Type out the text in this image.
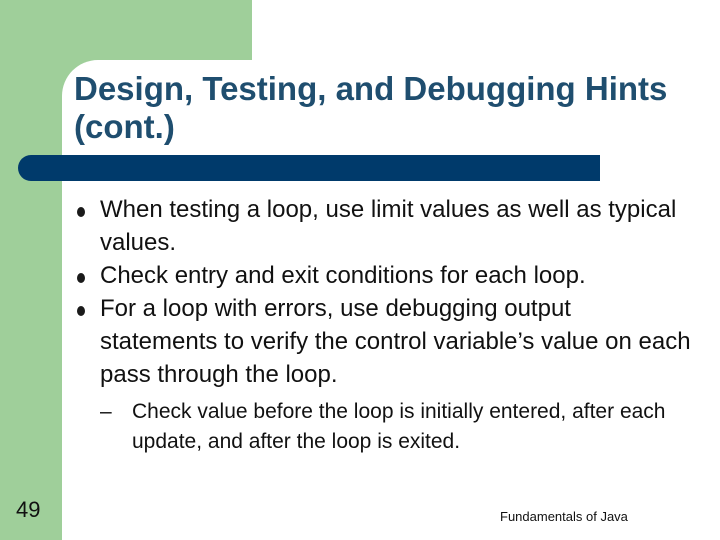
Design, Testing, and Debugging Hints (cont.)
When testing a loop, use limit values as well as typical values.
Check entry and exit conditions for each loop.
For a loop with errors, use debugging output statements to verify the control variable’s value on each pass through the loop.
– Check value before the loop is initially entered, after each update, and after the loop is exited.
49	Fundamentals of Java
